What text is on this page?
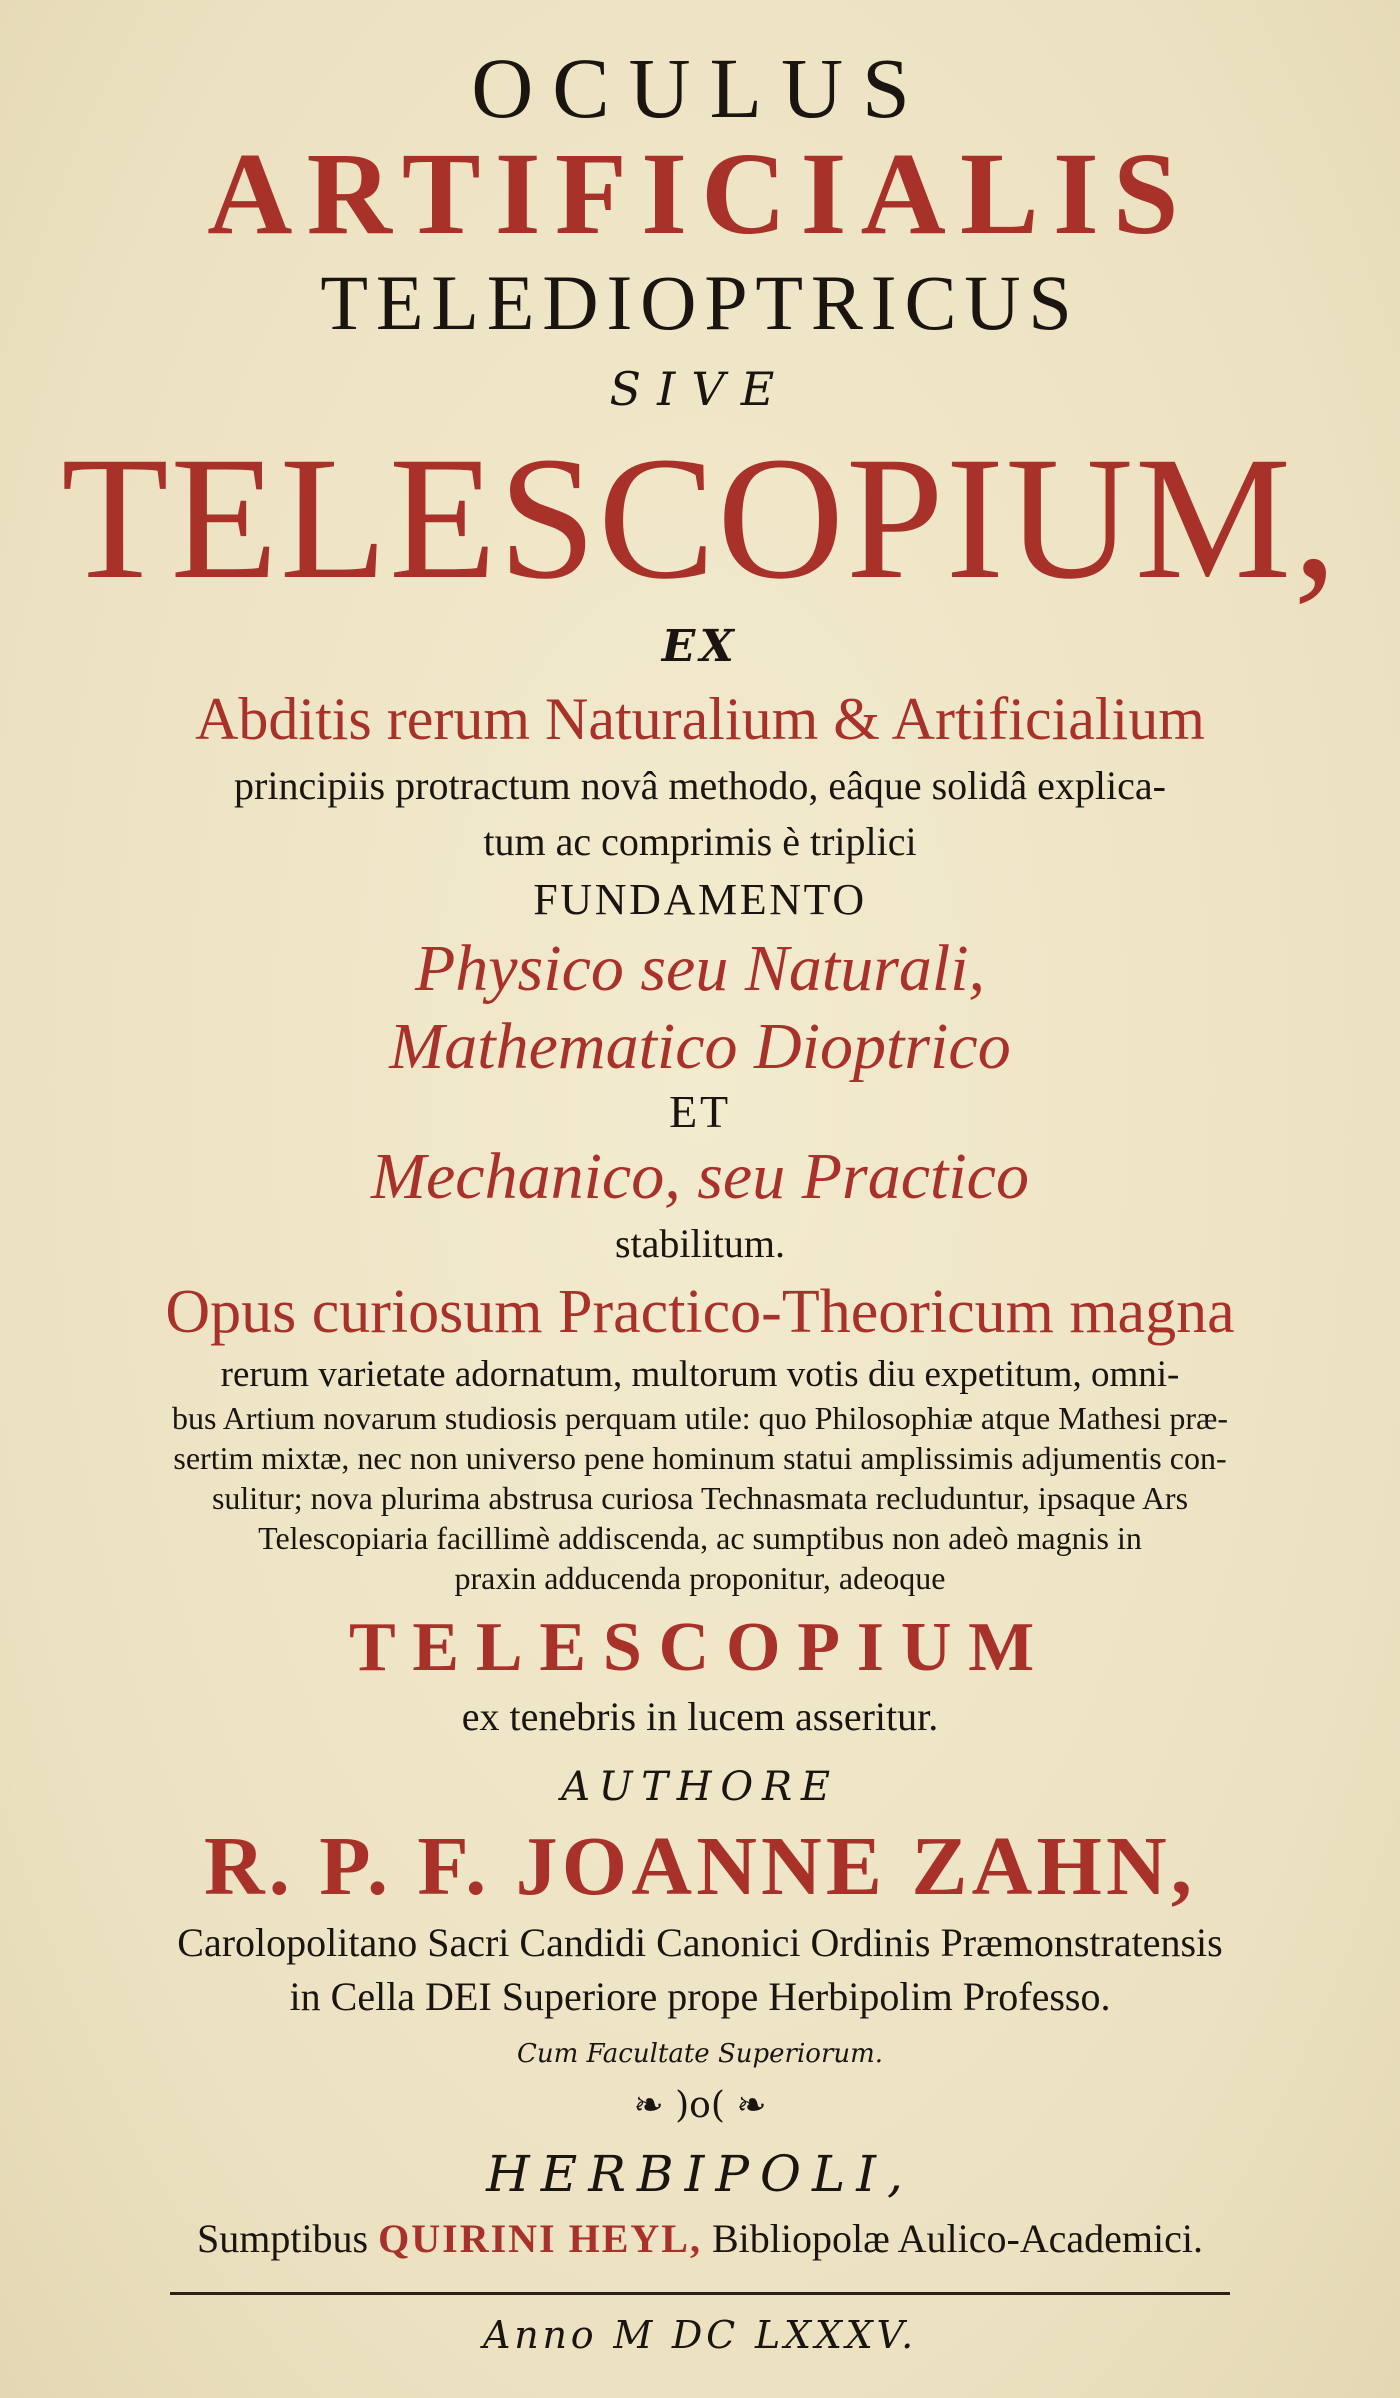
OCULUS
ARTIFICIALIS
TELEDIOPTRICUS
SIVE
TELESCOPIUM,
EX
Abditis rerum Naturalium & Artificialium
principiis protractum novâ methodo, eâque solidâ explica-
tum ac comprimis è triplici
FUNDAMENTO
Physico seu Naturali,
Mathematico Dioptrico
ET
Mechanico, seu Practico
stabilitum.
Opus curiosum Practico-Theoricum magna
rerum varietate adornatum, multorum votis diu expetitum, omni-
bus Artium novarum studiosis perquam utile: quo Philosophiæ atque Mathesi præ-
sertim mixtæ, nec non universo pene hominum statui amplissimis adjumentis con-
sulitur; nova plurima abstrusa curiosa Technasmata recluduntur, ipsaque Ars
Telescopiaria facillimè addiscenda, ac sumptibus non adeò magnis in
praxin adducenda proponitur, adeoque
TELESCOPIUM
ex tenebris in lucem asseritur.
AUTHORE
R. P. F. JOANNE ZAHN,
Carolopolitano Sacri Candidi Canonici Ordinis Præmonstratensis
in Cella DEI Superiore prope Herbipolim Professo.
Cum Facultate Superiorum.
❧ )o( ❧
HERBIPOLI,
Sumptibus QUIRINI HEYL, Bibliopolæ Aulico-Academici.
Anno M DC LXXXV.
